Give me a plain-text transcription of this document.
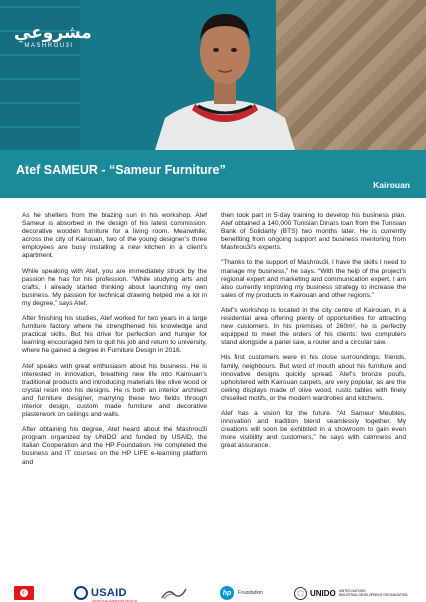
مشروعي
MASHROU3I
Atef SAMEUR - “Sameur Furniture”
Kairouan

As he shelters from the blazing sun in his workshop, Atef Sameur is absorbed in the design of his latest commission: decorative wooden furniture for a living room. Meanwhile, across the city of Kairouan, two of the young designer’s three employees are busy installing a new kitchen in a client’s apartment.

While speaking with Atef, you are immediately struck by the passion he has for his profession. “While studying arts and crafts, I already started thinking about launching my own business. My passion for technical drawing helped me a lot in my degree,” says Atef.

After finishing his studies, Atef worked for two years in a large furniture factory where he strengthened his knowledge and practical skills. But his drive for perfection and hunger for learning encouraged him to quit his job and return to university, where he gained a degree in Furniture Design in 2016.

Atef speaks with great enthusiasm about his business. He is interested in innovation, breathing new life into Kairouan’s traditional products and introducing materials like olive wood or crystal resin into his designs. He is both an interior architect and furniture designer, marrying these two fields through interior design, custom made furniture and decorative plasterwork on ceilings and walls.

After obtaining his degree, Atef heard about the Mashrou3i program organized by UNIDO and funded by USAID, the Italian Cooperation and the HP Foundation. He completed the business and IT courses on the HP LIFE e-learning platform and

then took part in 5-day training to develop his business plan. Atef obtained a 140,000 Tunisian Dinars loan from the Tunisian Bank of Solidarity (BTS) two months later. He is currently benefiting from ongoing support and business mentoring from Mashrou3i’s experts.

“Thanks to the support of Mashrou3i, I have the skills I need to manage my business,” he says. “With the help of the project’s regional expert and marketing and communication expert, I am also currently improving my business strategy to increase the sales of my products in Kairouan and other regions.”

Atef’s workshop is located in the city centre of Kairouan, in a residential area offering plenty of opportunities for attracting new customers. In his premises of 260m², he is perfectly equipped to meet the orders of his clients: two computers stand alongside a panel saw, a router and a circular saw.

His first customers were in his close surroundings; friends, family, neighbours. But word of mouth about his furniture and innovative designs quickly spread. Atef’s bronze poufs, upholstered with Kairouan carpets, are very popular, as are the ceiling displays made of olive wood, rustic tables with finely chiselled motifs, or the modern wardrobes and kitchens.

Atef has a vision for the future. “At Sameur Meubles, innovation and tradition blend seamlessly together. My creations will soon be exhibited in a showroom to gain even more visibility and customers,” he says with calmness and great assurance.

☪	USAID
FROM THE AMERICAN PEOPLE
hp	Foundation	UNIDO UNITED NATIONS
INDUSTRIAL DEVELOPMENT ORGANIZATION
